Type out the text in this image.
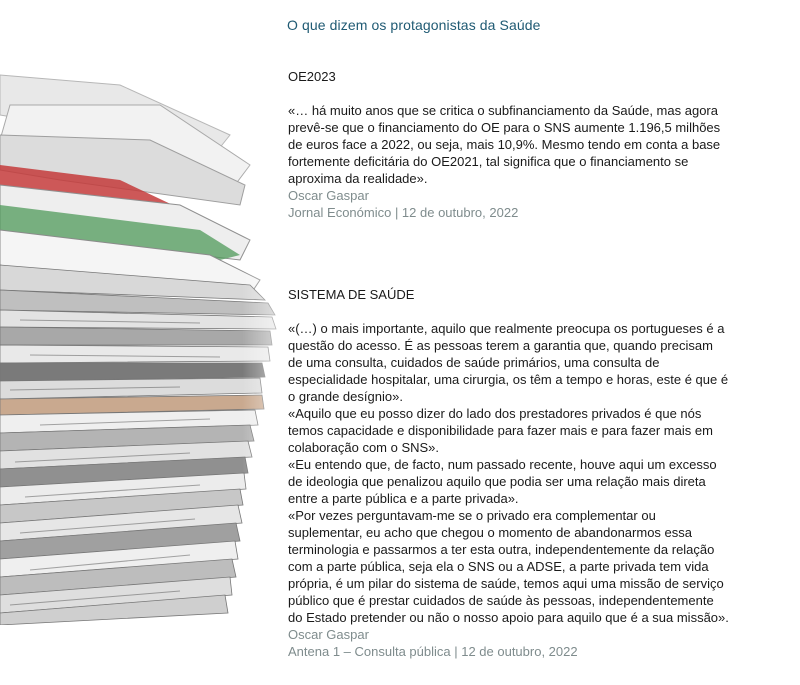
O que dizem os protagonistas da Saúde

OE2023

«… há muito anos que se critica o subfinanciamento da Saúde, mas agora prevê-se que o financiamento do OE para o SNS aumente 1.196,5 milhões de euros face a 2022, ou seja, mais 10,9%. Mesmo tendo em conta a base fortemente deficitária do OE2021, tal significa que o financiamento se aproxima da realidade».

Oscar Gaspar

Jornal Económico | 12 de outubro, 2022

SISTEMA DE SAÚDE

«(…) o mais importante, aquilo que realmente preocupa os portugueses é a questão do acesso. É as pessoas terem a garantia que, quando precisam de uma consulta, cuidados de saúde primários, uma consulta de especialidade hospitalar, uma cirurgia, os têm a tempo e horas, este é que é o grande desígnio».

«Aquilo que eu posso dizer do lado dos prestadores privados é que nós temos capacidade e disponibilidade para fazer mais e para fazer mais em colaboração com o SNS».

«Eu entendo que, de facto, num passado recente, houve aqui um excesso de ideologia que penalizou aquilo que podia ser uma relação mais direta entre a parte pública e a parte privada».

«Por vezes perguntavam-me se o privado era complementar ou suplementar, eu acho que chegou o momento de abandonarmos essa terminologia e passarmos a ter esta outra, independentemente da relação com a parte pública, seja ela o SNS ou a ADSE, a parte privada tem vida própria, é um pilar do sistema de saúde, temos aqui uma missão de serviço público que é prestar cuidados de saúde às pessoas, independentemente do Estado pretender ou não o nosso apoio para aquilo que é a sua missão».

Oscar Gaspar

Antena 1 – Consulta pública | 12 de outubro, 2022
